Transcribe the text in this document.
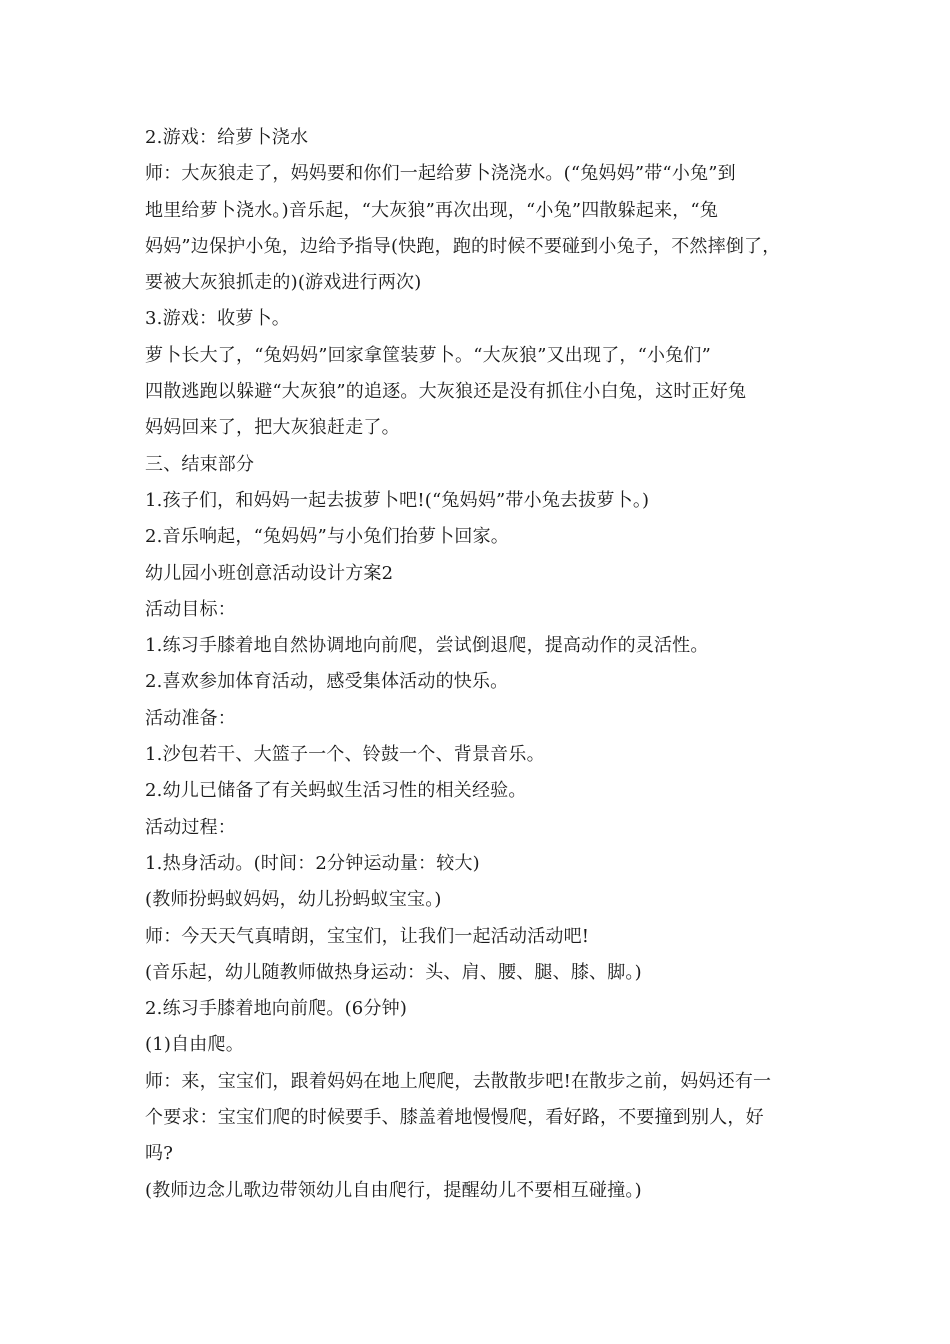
2.游戏：给萝卜浇水
师：大灰狼走了，妈妈要和你们一起给萝卜浇浇水。(“兔妈妈”带“小兔”到
地里给萝卜浇水。)音乐起，“大灰狼”再次出现，“小兔”四散躲起来，“兔
妈妈”边保护小兔，边给予指导(快跑，跑的时候不要碰到小兔子，不然摔倒了，
要被大灰狼抓走的)(游戏进行两次)
3.游戏：收萝卜。
萝卜长大了，“兔妈妈”回家拿筐装萝卜。“大灰狼”又出现了，“小兔们”
四散逃跑以躲避“大灰狼”的追逐。大灰狼还是没有抓住小白兔，这时正好兔
妈妈回来了，把大灰狼赶走了。
三、结束部分
1.孩子们，和妈妈一起去拔萝卜吧!(“兔妈妈”带小兔去拔萝卜。)
2.音乐响起，“兔妈妈”与小兔们抬萝卜回家。
幼儿园小班创意活动设计方案2
活动目标：
1.练习手膝着地自然协调地向前爬，尝试倒退爬，提高动作的灵活性。
2.喜欢参加体育活动，感受集体活动的快乐。
活动准备：
1.沙包若干、大篮子一个、铃鼓一个、背景音乐。
2.幼儿已储备了有关蚂蚁生活习性的相关经验。
活动过程：
1.热身活动。(时间：2分钟运动量：较大)
(教师扮蚂蚁妈妈，幼儿扮蚂蚁宝宝。)
师：今天天气真晴朗，宝宝们，让我们一起活动活动吧!
(音乐起，幼儿随教师做热身运动：头、肩、腰、腿、膝、脚。)
2.练习手膝着地向前爬。(6分钟)
(1)自由爬。
师：来，宝宝们，跟着妈妈在地上爬爬，去散散步吧!在散步之前，妈妈还有一
个要求：宝宝们爬的时候要手、膝盖着地慢慢爬，看好路，不要撞到别人，好
吗?
(教师边念儿歌边带领幼儿自由爬行，提醒幼儿不要相互碰撞。)
